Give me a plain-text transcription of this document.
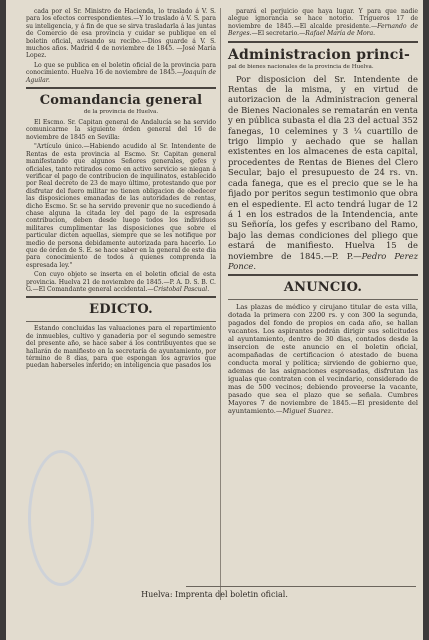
cada por el Sr. Ministro de Hacienda, lo traslado á V. S. para los efectos correspondientes.—Y lo traslado á V. S. para su inteligencia, y á fin de que se sirva trasladarla á las juntas de Comercio de esa provincia y cuidar se publique en el boletin oficial, avisando su recibo.—Dios guarde á V. S. muchos años. Madrid 4 de noviembre de 1845. —José María Lopez.

Lo que se publica en el boletin oficial de la provincia para conocimiento. Huelva 16 de noviembre de 1845.—Joaquin de Aguilar.

Comandancia general
de la provincia de Huelva.

El Escmo. Sr. Capitan general de Andalucía se ha servido comunicarme la siguiente órden general del 16 de noviembre de 1845 en Sevilla:

"Artículo único.—Habiendo acudido al Sr. Intendente de Rentas de esta provincia al Escmo. Sr. Capitan general manifestando que algunos Señores generales, gefes y oficiales, tanto retirados como en activo servicio se niegan á verificar el pago de contribucion de inquilinatos, establecido por Real decreto de 23 de mayo último, protestando que por disfrutar del fuero militar no tienen obligacion de obedecer las disposiciones emanadas de las autoridades de rentas, dicho Escmo. Sr. se ha servido prevenir que no sucediendo á chase alguna la citada ley del pago de la espresada contribucion, deben desde luego todos los individuos militares cumplimentar las disposiciones que sobre el particular dicten aquellas, siempre que se les notifique por medio de persona debidamente autorizada para hacerlo. Lo que de órden de S. E. se hace saber en la general de este dia para conocimiento de todos á quienes comprenda la espresada ley."

Con cuyo objeto se inserta en el boletin oficial de esta provincia. Huelva 21 de noviembre de 1845.—P. A. D. S. B. C. G.—El Comandante general accidental.—Cristobal Pascual.

EDICTO.

Estando concluidas las valuaciones para el repartimiento de inmuebles, cultivo y ganaderia por el segundo semestre del presente año, se hace saber á los contribuyentes que se hallarán de manifiesto en la secretaría de ayuntamiento, por término de 8 dias, para que espongan los agravios que puedan haberseles inferido; en inteligencia que pasados los

parará el perjuicio que haya lugar. Y para que nadie alegue ignorancia se hace notorio. Trigueros 17 de noviembre de 1845.—El alcalde presidente.—Fernando de Berges.—El secretario.—Rafael María de Mora.

Administracion princi-
pal de bienes nacionales de la provincia de Huelva.

Por disposicion del Sr. Intendente de Rentas de la misma, y en virtud de autorizacion de la Administracion general de Bienes Nacionales se rematarán en venta y en pública subasta el dia 23 del actual 352 fanegas, 10 celemines y 3 ¼ cuartillo de trigo limpio y aechado que se hallan existentes en los almacenes de esta capital, procedentes de Rentas de Bienes del Clero Secular, bajo el presupuesto de 24 rs. vn. cada fanega, que es el precio que se le ha fijado por peritos segun testimonio que obra en el espediente. El acto tendrá lugar de 12 á 1 en los estrados de la Intendencia, ante su Señoría, los gefes y escribano del Ramo, bajo las demas condiciones del pliego que estará de manifiesto. Huelva 15 de noviembre de 1845.—P. P.—Pedro Perez Ponce.

ANUNCIO.

Las plazas de médico y cirujano titular de esta villa, dotada la primera con 2200 rs. y con 300 la segunda, pagados del fondo de propios en cada año, se hallan vacantes. Los aspirantes podrán dirigir sus solicitudes al ayuntamiento, dentro de 30 dias, contados desde la insercion de este anuncio en el boletin oficial, acompañadas de certificacion ó atestado de buena conducta moral y política; sirviendo de gobierno que, ademas de las asignaciones espresadas, disfrutan las igualas que contraten con el vecindario, considerado de mas de 500 vecinos; debiendo proveerse la vacante, pasado que sea el plazo que se señala. Cumbres Mayores 7 de noviembre de 1845.—El presidente del ayuntamiento.—Miguel Suarez.

Huelva: Imprenta del boletin oficial.
